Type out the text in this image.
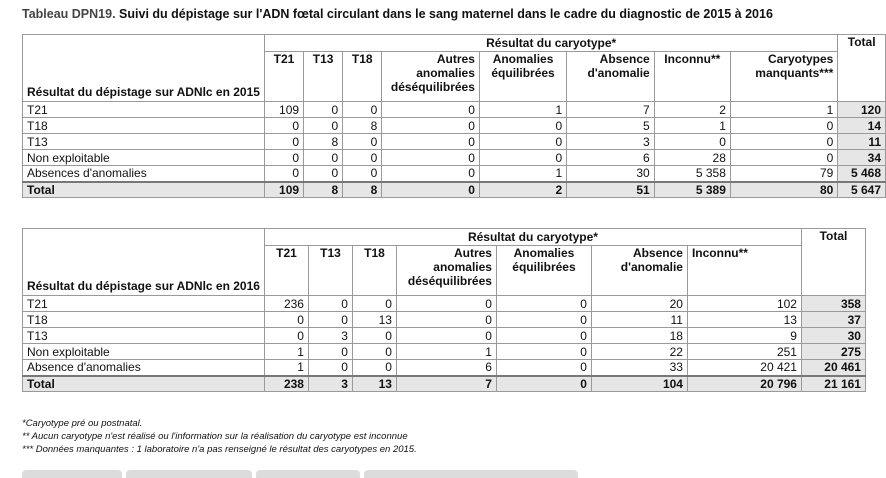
Tableau DPN19. Suivi du dépistage sur l'ADN fœtal circulant dans le sang maternel dans le cadre du diagnostic de 2015 à 2016
Résultat du dépistage sur ADNlc en 2015	Résultat du caryotype*								Total
	T21	T13	T18	Autres anomalies déséquilibrées	Anomalies équilibrées	Absence d'anomalie	Inconnu**	Caryotypes manquants***	
T21	109	0	0	0	1	7	2	1	120
T18	0	0	8	0	0	5	1	0	14
T13	0	8	0	0	0	3	0	0	11
Non exploitable	0	0	0	0	0	6	28	0	34
Absences d'anomalies	0	0	0	0	1	30	5 358	79	5 468
Total	109	8	8	0	2	51	5 389	80	5 647
Résultat du dépistage sur ADNlc en 2016	Résultat du caryotype*							Total
	T21	T13	T18	Autres anomalies déséquilibrées	Anomalies équilibrées	Absence d'anomalie	Inconnu**	
T21	236	0	0	0	0	20	102	358
T18	0	0	13	0	0	11	13	37
T13	0	3	0	0	0	18	9	30
Non exploitable	1	0	0	1	0	22	251	275
Absence d'anomalies	1	0	0	6	0	33	20 421	20 461
Total	238	3	13	7	0	104	20 796	21 161
*Caryotype pré ou postnatal.
** Aucun caryotype n'est réalisé ou l'information sur la réalisation du caryotype est inconnue
*** Données manquantes : 1 laboratoire n'a pas renseigné le résultat des caryotypes en 2015.
